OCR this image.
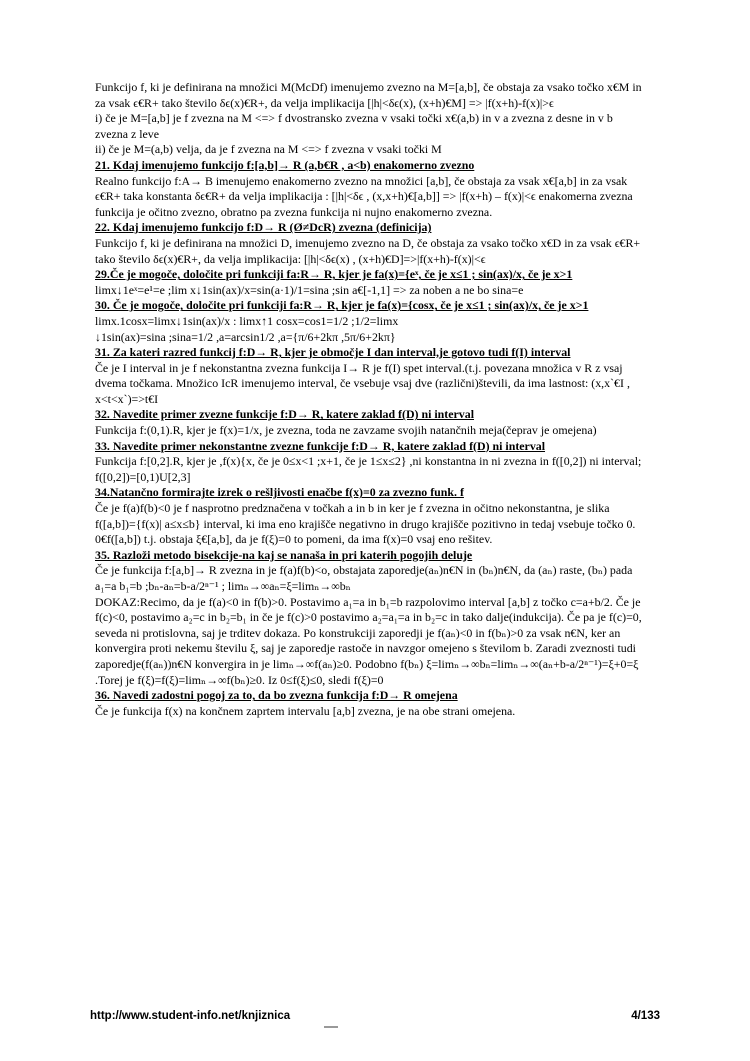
Funkcijo f, ki je definirana na množici M(McDf) imenujemo zvezno na M=[a,b], če obstaja za vsako točko x€M in za vsak ϵ€R+ tako število δϵ(x)€R+, da velja implikacija [|h|<δϵ(x), (x+h)€M] => |f(x+h)-f(x)|>ϵ

i) če je M=[a,b] je f zvezna na M <=> f dvostransko zvezna v vsaki točki x€(a,b) in v a zvezna z desne in v b zvezna z leve

ii) če je M=(a,b) velja, da je f zvezna na M <=> f zvezna v vsaki točki M

21. Kdaj imenujemo funkcijo f:[a,b]→ R (a,b€R , a<b) enakomerno zvezno

Realno funkcijo f:A→ B imenujemo enakomerno zvezno na množici [a,b], če obstaja za vsak x€[a,b] in za vsak ϵ€R+ taka konstanta δϵ€R+ da velja implikacija : [|h|<δϵ , (x,x+h)€[a,b]] => |f(x+h) – f(x)|<ϵ enakomerna zvezna funkcija je očitno zvezno, obratno pa zvezna funkcija ni nujno enakomerno zvezna.

22. Kdaj imenujemo funkcijo f:D→ R (Ø≠DcR) zvezna (definicija)

Funkcijo f, ki je definirana na množici D, imenujemo zvezno na D, če obstaja za vsako točko x€D in za vsak ϵ€R+ tako število δϵ(x)€R+, da velja implikacija: [|h|<δϵ(x) , (x+h)€D]=>|f(x+h)-f(x)|<ϵ

29.Če je mogoče, določite pri funkciji fa:R→ R, kjer je fa(x)={eˣ, če je x≤1 ; sin(ax)/x, če je x>1

limx↓1eˣ=e¹=e ;lim x↓1sin(ax)/x=sin(a·1)/1=sina ;sin a€[-1,1] => za noben a ne bo sina=e

30. Če je mogoče, določite pri funkciji fa:R→ R, kjer je fa(x)={cosx, če je x≤1 ; sin(ax)/x, če je x>1

limx.1cosx=limx↓1sin(ax)/x : limx↑1 cosx=cos1=1/2 ;1/2=limx

↓1sin(ax)=sina ;sina=1/2 ,a=arcsin1/2 ,a={π/6+2kπ ,5π/6+2kπ}

31. Za kateri razred funkcij f:D→ R, kjer je območje I dan interval,je gotovo tudi f(I) interval

Če je I interval in je f nekonstantna zvezna funkcija I→ R je f(I) spet interval.(t.j. povezana množica v R z vsaj dvema točkama. Množico IcR imenujemo interval, če vsebuje vsaj dve (različni)števili, da ima lastnost: (x,x`€I , x<t<x`)=>t€I

32. Navedite primer zvezne funkcije f:D→ R, katere zaklad f(D) ni interval

Funkcija f:(0,1).R, kjer je f(x)=1/x, je zvezna, toda ne zavzame svojih natančnih meja(čeprav je omejena)

33. Navedite primer nekonstantne zvezne funkcije f:D→ R, katere zaklad f(D) ni interval

Funkcija f:[0,2].R, kjer je ,f(x){x, če je 0≤x<1 ;x+1, če je 1≤x≤2} ,ni konstantna in ni zvezna in f([0,2]) ni interval; f([0,2])=[0,1)U[2,3]

34.Natančno formirajte izrek o rešljivosti enačbe f(x)=0 za zvezno funk. f

Če je f(a)f(b)<0 je f nasprotno predznačena v točkah a in b in ker je f zvezna in očitno nekonstantna, je slika f([a,b])={f(x)| a≤x≤b} interval, ki ima eno krajišče negativno in drugo krajišče pozitivno in tedaj vsebuje točko 0. 0€f([a,b]) t.j. obstaja ξ€[a,b], da je f(ξ)=0 to pomeni, da ima f(x)=0 vsaj eno rešitev.

35. Razloži metodo bisekcije-na kaj se nanaša in pri katerih pogojih deluje

Če je funkcija f:[a,b]→ R zvezna in je f(a)f(b)<o, obstajata zaporedje(aₙ)n€N in (bₙ)n€N, da (aₙ) raste, (bₙ) pada a₁=a b₁=b ;bₙ-aₙ=b-a/2ⁿ⁻¹ ; limₙ→∞aₙ=ξ=limₙ→∞bₙ

DOKAZ:Recimo, da je f(a)<0 in f(b)>0. Postavimo a₁=a in b₁=b razpolovimo interval [a,b] z točko c=a+b/2. Če je f(c)<0, postavimo a₂=c in b₂=b₁ in če je f(c)>0 postavimo a₂=a₁=a in b₂=c in tako dalje(indukcija). Če pa je f(c)=0, seveda ni protislovna, saj je trditev dokaza. Po konstrukciji zaporedji je f(aₙ)<0 in f(bₙ)>0 za vsak n€N, ker an konvergira proti nekemu številu ξ, saj je zaporedje rastoče in navzgor omejeno s številom b. Zaradi zveznosti tudi zaporedje(f(aₙ))n€N konvergira in je limₙ→∞f(aₙ)≥0. Podobno f(bₙ) ξ=limₙ→∞bₙ=limₙ→∞(aₙ+b-a/2ⁿ⁻¹)=ξ+0=ξ .Torej je f(ξ)=f(ξ)=limₙ→∞f(bₙ)≥0. Iz 0≤f(ξ)≤0, sledi f(ξ)=0

36. Navedi zadostni pogoj za to, da bo zvezna funkcija f:D→ R omejena

Če je funkcija f(x) na končnem zaprtem intervalu [a,b] zvezna, je na obe strani omejena.

http://www.student-info.net/knjiznica	4/133
